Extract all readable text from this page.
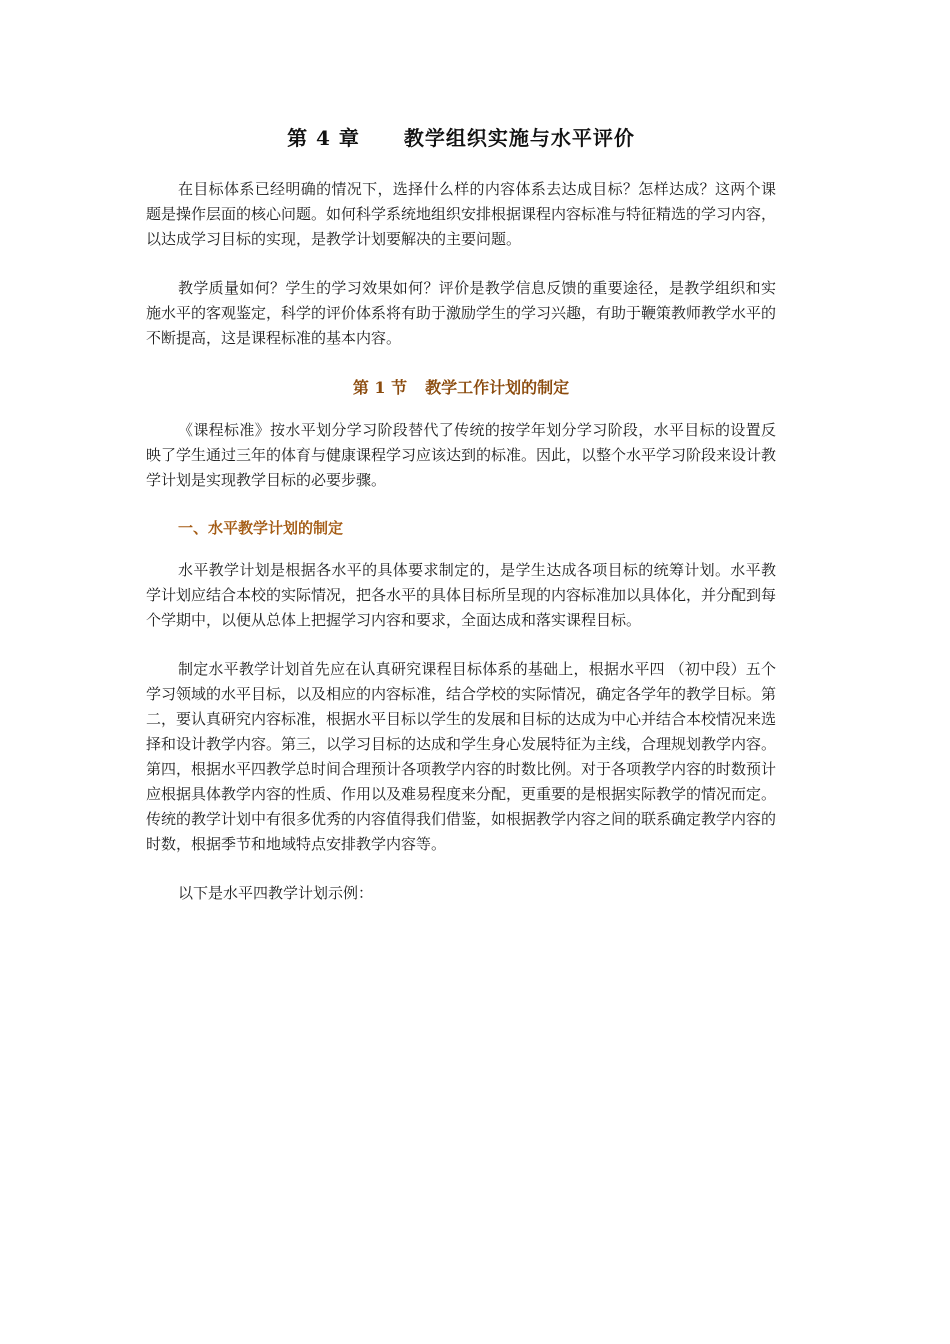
第 4 章 教学组织实施与水平评价

在目标体系已经明确的情况下，选择什么样的内容体系去达成目标？怎样达成？这两个课题是操作层面的核心问题。如何科学系统地组织安排根据课程内容标准与特征精选的学习内容，以达成学习目标的实现，是教学计划要解决的主要问题。

教学质量如何？学生的学习效果如何？评价是教学信息反馈的重要途径，是教学组织和实施水平的客观鉴定，科学的评价体系将有助于激励学生的学习兴趣，有助于鞭策教师教学水平的不断提高，这是课程标准的基本内容。

第 1 节 教学工作计划的制定

《课程标准》按水平划分学习阶段替代了传统的按学年划分学习阶段，水平目标的设置反映了学生通过三年的体育与健康课程学习应该达到的标准。因此，以整个水平学习阶段来设计教学计划是实现教学目标的必要步骤。

一、水平教学计划的制定

水平教学计划是根据各水平的具体要求制定的，是学生达成各项目标的统筹计划。水平教学计划应结合本校的实际情况，把各水平的具体目标所呈现的内容标准加以具体化，并分配到每个学期中，以便从总体上把握学习内容和要求，全面达成和落实课程目标。

制定水平教学计划首先应在认真研究课程目标体系的基础上，根据水平四 （初中段）五个学习领域的水平目标，以及相应的内容标准，结合学校的实际情况，确定各学年的教学目标。第二，要认真研究内容标准，根据水平目标以学生的发展和目标的达成为中心并结合本校情况来选择和设计教学内容。第三，以学习目标的达成和学生身心发展特征为主线，合理规划教学内容。第四，根据水平四教学总时间合理预计各项教学内容的时数比例。对于各项教学内容的时数预计应根据具体教学内容的性质、作用以及难易程度来分配，更重要的是根据实际教学的情况而定。传统的教学计划中有很多优秀的内容值得我们借鉴，如根据教学内容之间的联系确定教学内容的时数，根据季节和地域特点安排教学内容等。

以下是水平四教学计划示例：
